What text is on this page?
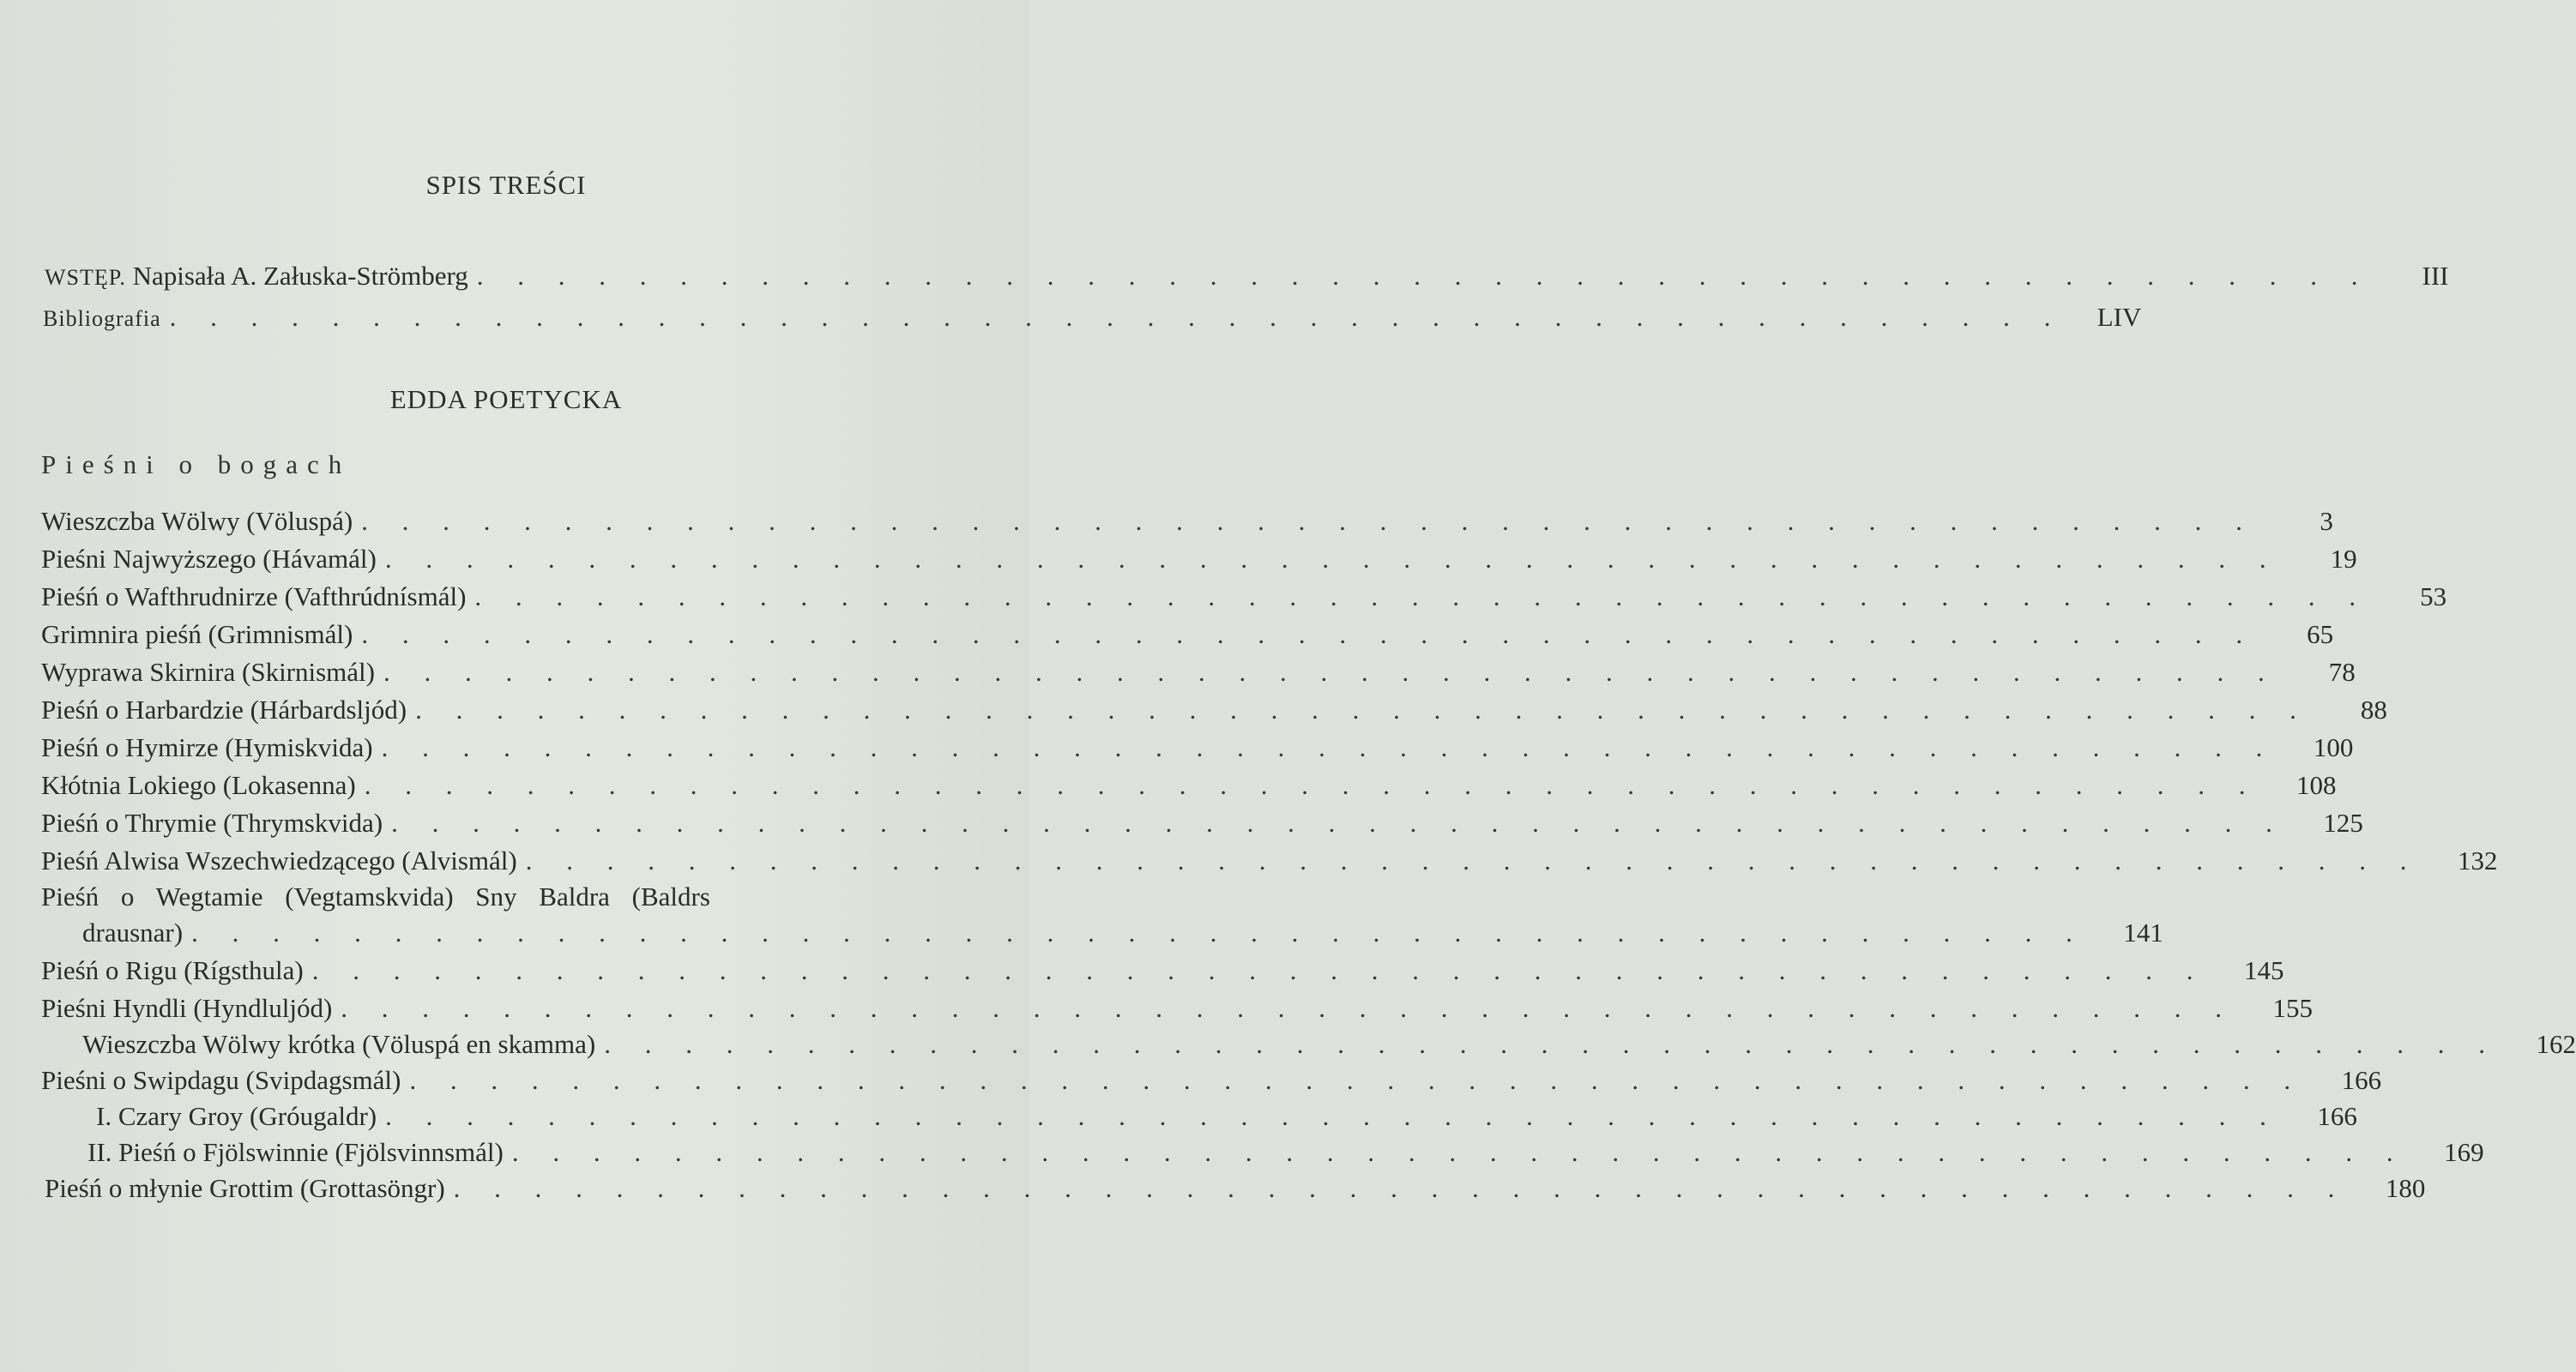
SPIS TREŚCI
WSTĘP. Napisała A. Załuska-Strömberg . . . . . . . . . . . . . . . . . . . . . . . . . . . . . . . . . . . . . . . . . . . . . . .	III
Bibliografia . . . . . . . . . . . . . . . . . . . . . . . . . . . . . . . . . . . . . . . . . . . . . . .	LIV
EDDA POETYCKA
Pieśni o bogach
Wieszczba Wölwy (Völuspá) . . . . . . . . . . . . . . . . . . . . . . . . . . . . . . . . . . . . . . . . . . . . . . .	3
Pieśni Najwyższego (Hávamál) . . . . . . . . . . . . . . . . . . . . . . . . . . . . . . . . . . . . . . . . . . . . . . .	19
Pieśń o Wafthrudnirze (Vafthrúdnísmál) . . . . . . . . . . . . . . . . . . . . . . . . . . . . . . . . . . . . . . . . . . . . . . .	53
Grimnira pieśń (Grimnismál) . . . . . . . . . . . . . . . . . . . . . . . . . . . . . . . . . . . . . . . . . . . . . . .	65
Wyprawa Skirnira (Skirnismál) . . . . . . . . . . . . . . . . . . . . . . . . . . . . . . . . . . . . . . . . . . . . . . .	78
Pieśń o Harbardzie (Hárbardsljód) . . . . . . . . . . . . . . . . . . . . . . . . . . . . . . . . . . . . . . . . . . . . . . .	88
Pieśń o Hymirze (Hymiskvida) . . . . . . . . . . . . . . . . . . . . . . . . . . . . . . . . . . . . . . . . . . . . . . .	100
Kłótnia Lokiego (Lokasenna) . . . . . . . . . . . . . . . . . . . . . . . . . . . . . . . . . . . . . . . . . . . . . . .	108
Pieśń o Thrymie (Thrymskvida) . . . . . . . . . . . . . . . . . . . . . . . . . . . . . . . . . . . . . . . . . . . . . . .	125
Pieśń Alwisa Wszechwiedzącego (Alvismál) . . . . . . . . . . . . . . . . . . . . . . . . . . . . . . . . . . . . . . . . . . . . . . .	132
Pieśń o Wegtamie (Vegtamskvida) Sny Baldra (Baldrs
drausnar) . . . . . . . . . . . . . . . . . . . . . . . . . . . . . . . . . . . . . . . . . . . . . . .	141
Pieśń o Rigu (Rígsthula) . . . . . . . . . . . . . . . . . . . . . . . . . . . . . . . . . . . . . . . . . . . . . . .	145
Pieśni Hyndli (Hyndluljód) . . . . . . . . . . . . . . . . . . . . . . . . . . . . . . . . . . . . . . . . . . . . . . .	155
Wieszczba Wölwy krótka (Völuspá en skamma) . . . . . . . . . . . . . . . . . . . . . . . . . . . . . . . . . . . . . . . . . . . . . . .	162
Pieśni o Swipdagu (Svipdagsmál) . . . . . . . . . . . . . . . . . . . . . . . . . . . . . . . . . . . . . . . . . . . . . . .	166
I. Czary Groy (Gróugaldr) . . . . . . . . . . . . . . . . . . . . . . . . . . . . . . . . . . . . . . . . . . . . . . .	166
II. Pieśń o Fjölswinnie (Fjölsvinnsmál) . . . . . . . . . . . . . . . . . . . . . . . . . . . . . . . . . . . . . . . . . . . . . . .	169
Pieśń o młynie Grottim (Grottasöngr) . . . . . . . . . . . . . . . . . . . . . . . . . . . . . . . . . . . . . . . . . . . . . . .	180
